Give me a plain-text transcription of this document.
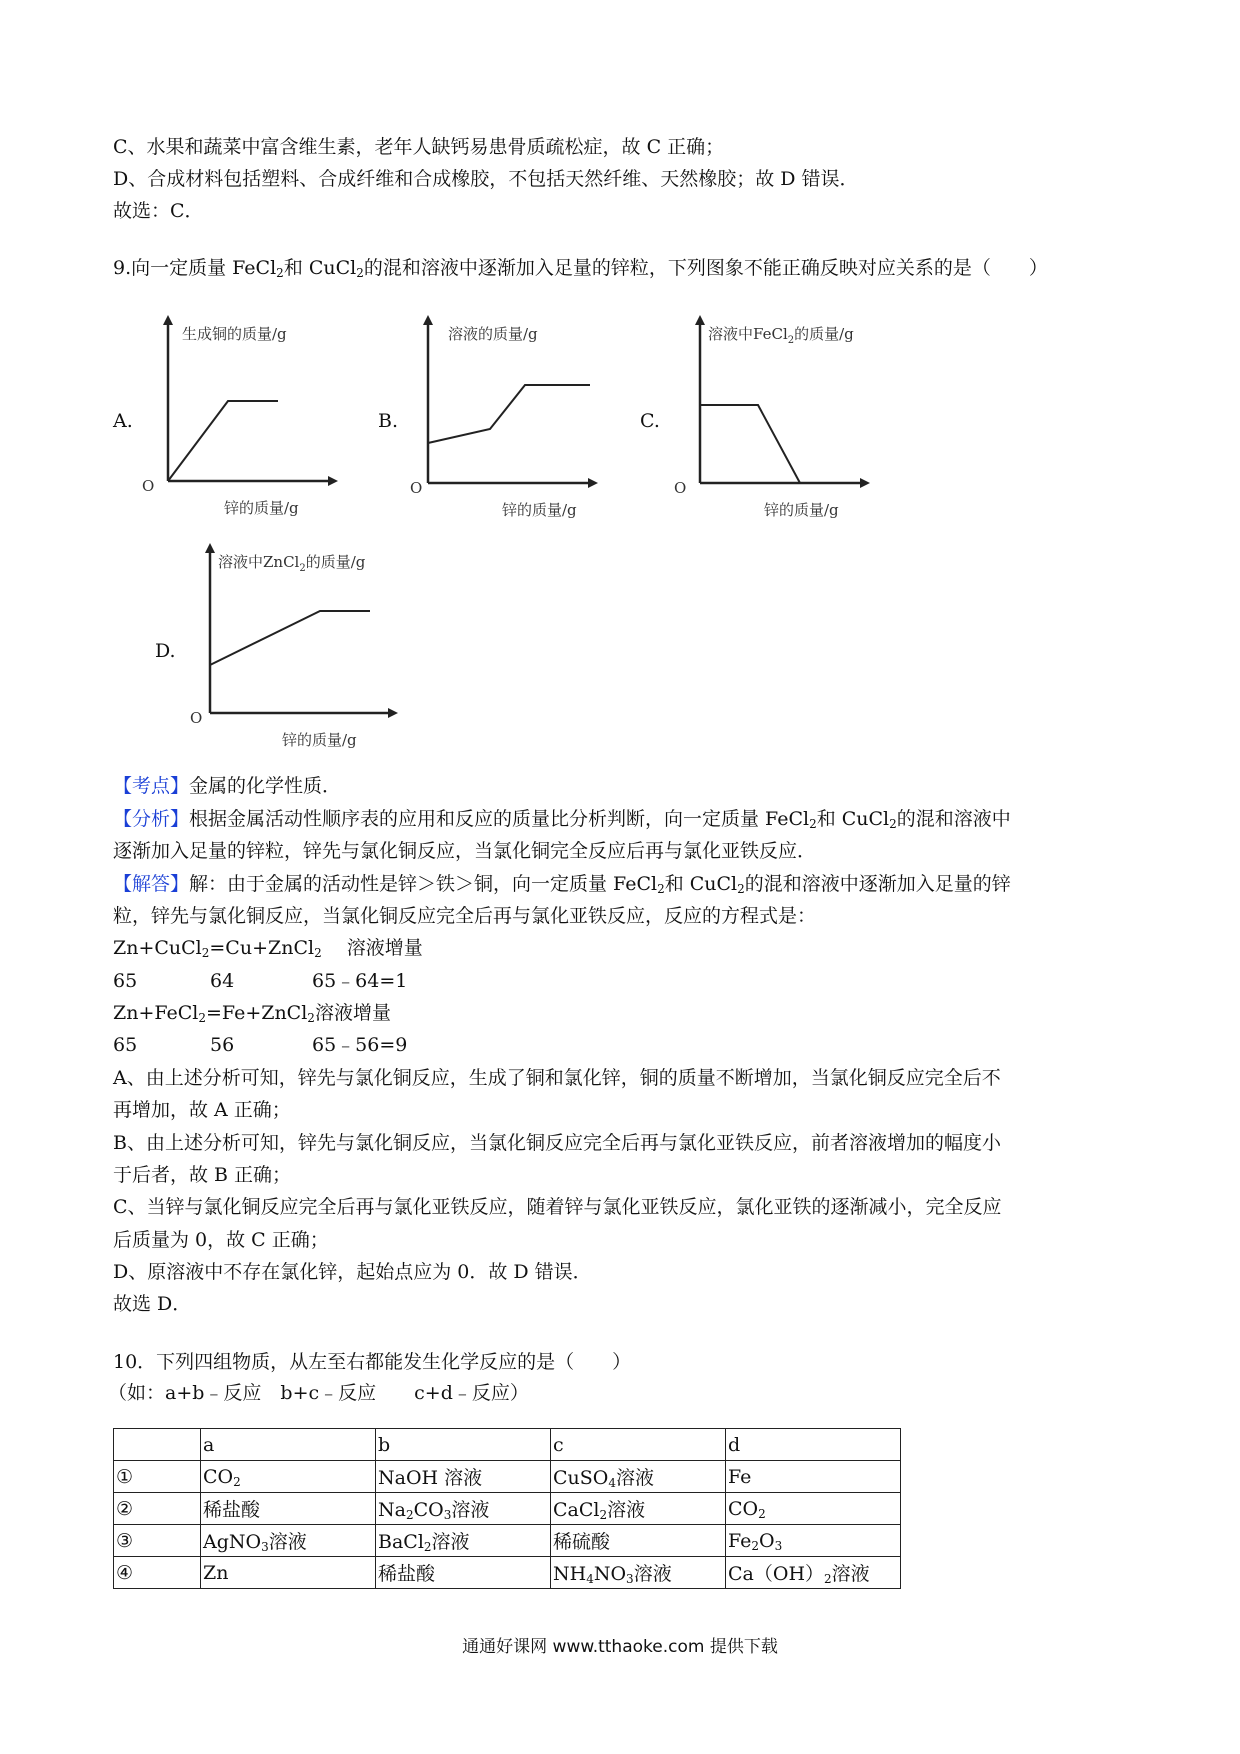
C、水果和蔬菜中富含维生素，老年人缺钙易患骨质疏松症，故 C 正确；
D、合成材料包括塑料、合成纤维和合成橡胶，不包括天然纤维、天然橡胶；故 D 错误．
故选：C．
9.向一定质量 FeCl$_2$和 CuCl$_2$的混和溶液中逐渐加入足量的锌粒，下列图象不能正确反映对应关系的是（　　）
A.
生成铜的质量/g
锌的质量/g
O
B.
溶液的质量/g
锌的质量/g
O
C.
溶液中FeCl$_2$的质量/g
锌的质量/g
O
D.
溶液中ZnCl$_2$的质量/g
锌的质量/g
O
【考点】金属的化学性质．
【分析】根据金属活动性顺序表的应用和反应的质量比分析判断，向一定质量 FeCl$_2$和 CuCl$_2$的混和溶液中
逐渐加入足量的锌粒，锌先与氯化铜反应，当氯化铜完全反应后再与氯化亚铁反应．
【解答】解：由于金属的活动性是锌＞铁＞铜，向一定质量 FeCl$_2$和 CuCl$_2$的混和溶液中逐渐加入足量的锌
粒，锌先与氯化铜反应，当氯化铜反应完全后再与氯化亚铁反应，反应的方程式是：
Zn+CuCl$_2$=Cu+ZnCl$_2$　 溶液增量
65	64	65﹣64=1
Zn+FeCl$_2$=Fe+ZnCl$_2$溶液增量
65	56	65﹣56=9
A、由上述分析可知，锌先与氯化铜反应，生成了铜和氯化锌，铜的质量不断增加，当氯化铜反应完全后不
再增加，故 A 正确；
B、由上述分析可知，锌先与氯化铜反应，当氯化铜反应完全后再与氯化亚铁反应，前者溶液增加的幅度小
于后者，故 B 正确；
C、当锌与氯化铜反应完全后再与氯化亚铁反应，随着锌与氯化亚铁反应，氯化亚铁的逐渐减小，完全反应
后质量为 0，故 C 正确；
D、原溶液中不存在氯化锌，起始点应为 0．故 D 错误．
故选 D．
10．下列四组物质，从左至右都能发生化学反应的是（　　）
（如：a+b﹣反应　b+c﹣反应　　c+d﹣反应）
	a	b	c	d
①	$CO_2$	NaOH 溶液	CuSO$_4$溶液	Fe
②	稀盐酸	$Na_2CO_3$溶液	CaCl$_2$溶液	$CO_2$
③	AgNO$_3$溶液	BaCl$_2$溶液	稀硫酸	$Fe_2O_3$
④	Zn	稀盐酸	$NH_4NO_3$溶液	$Ca(OH)_2$溶液
通通好课网 www.tthaoke.com 提供下载
